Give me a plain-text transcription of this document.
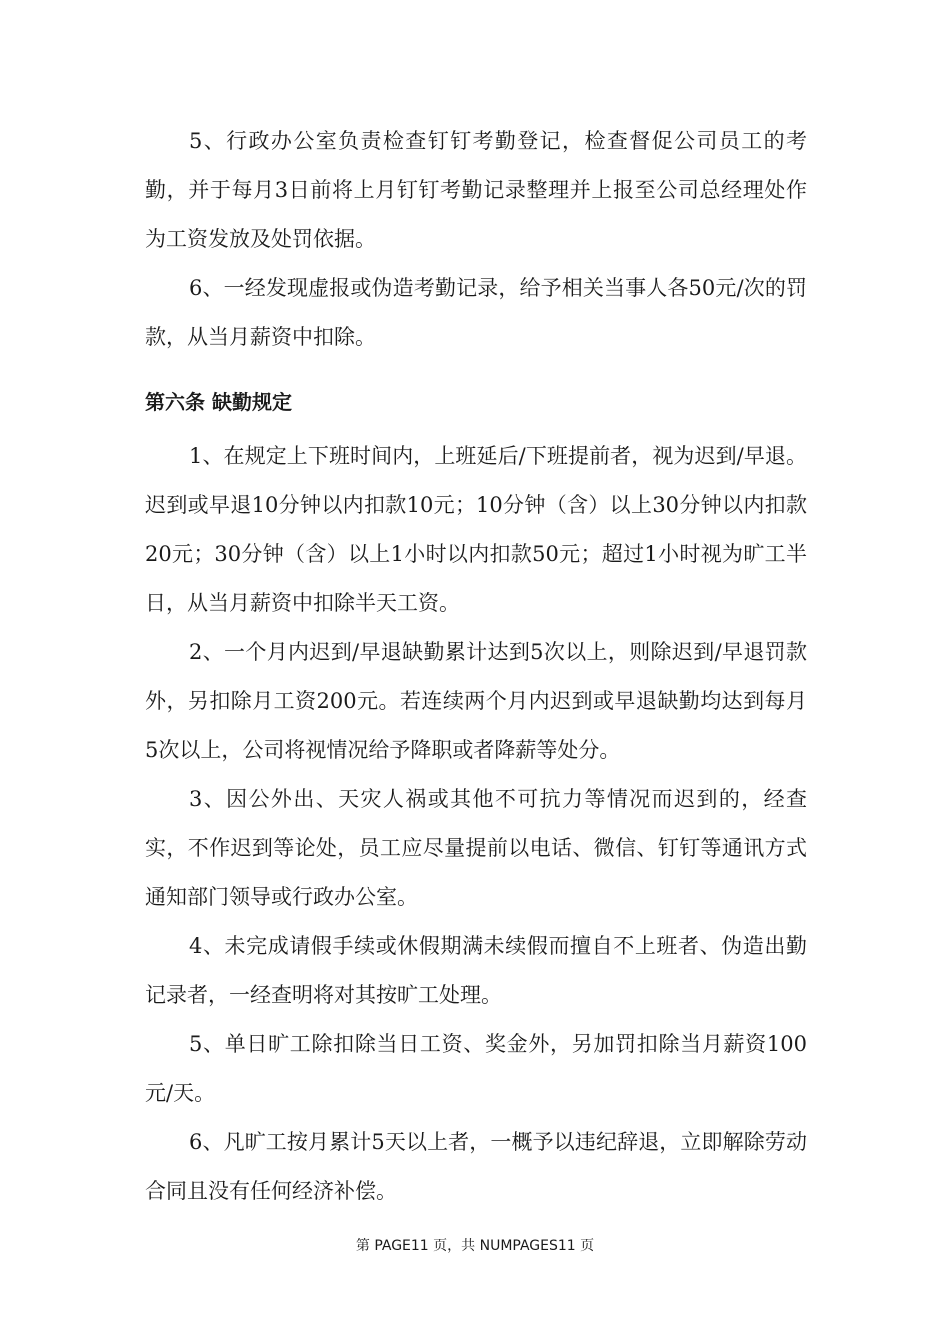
5、行政办公室负责检查钉钉考勤登记，检查督促公司员工的考勤，并于每月3日前将上月钉钉考勤记录整理并上报至公司总经理处作为工资发放及处罚依据。

6、一经发现虚报或伪造考勤记录，给予相关当事人各50元/次的罚款，从当月薪资中扣除。

第六条 缺勤规定

1、在规定上下班时间内，上班延后/下班提前者，视为迟到/早退。迟到或早退10分钟以内扣款10元；10分钟（含）以上30分钟以内扣款20元；30分钟（含）以上1小时以内扣款50元；超过1小时视为旷工半日，从当月薪资中扣除半天工资。

2、一个月内迟到/早退缺勤累计达到5次以上，则除迟到/早退罚款外，另扣除月工资200元。若连续两个月内迟到或早退缺勤均达到每月5次以上，公司将视情况给予降职或者降薪等处分。

3、因公外出、天灾人祸或其他不可抗力等情况而迟到的，经查实，不作迟到等论处，员工应尽量提前以电话、微信、钉钉等通讯方式通知部门领导或行政办公室。

4、未完成请假手续或休假期满未续假而擅自不上班者、伪造出勤记录者，一经查明将对其按旷工处理。

5、单日旷工除扣除当日工资、奖金外，另加罚扣除当月薪资100元/天。

6、凡旷工按月累计5天以上者，一概予以违纪辞退，立即解除劳动合同且没有任何经济补偿。

第 PAGE11 页，共 NUMPAGES11 页
